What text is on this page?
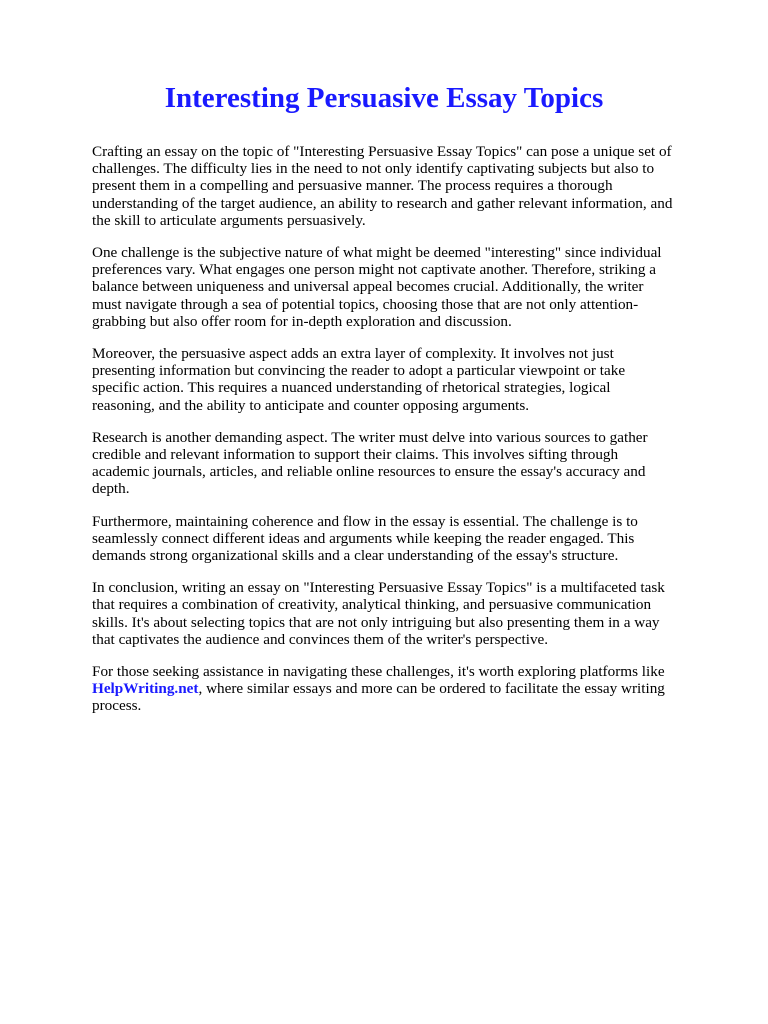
Interesting Persuasive Essay Topics

Crafting an essay on the topic of "Interesting Persuasive Essay Topics" can pose a unique set of challenges. The difficulty lies in the need to not only identify captivating subjects but also to present them in a compelling and persuasive manner. The process requires a thorough understanding of the target audience, an ability to research and gather relevant information, and the skill to articulate arguments persuasively.

One challenge is the subjective nature of what might be deemed "interesting" since individual preferences vary. What engages one person might not captivate another. Therefore, striking a balance between uniqueness and universal appeal becomes crucial. Additionally, the writer must navigate through a sea of potential topics, choosing those that are not only attention-grabbing but also offer room for in-depth exploration and discussion.

Moreover, the persuasive aspect adds an extra layer of complexity. It involves not just presenting information but convincing the reader to adopt a particular viewpoint or take specific action. This requires a nuanced understanding of rhetorical strategies, logical reasoning, and the ability to anticipate and counter opposing arguments.

Research is another demanding aspect. The writer must delve into various sources to gather credible and relevant information to support their claims. This involves sifting through academic journals, articles, and reliable online resources to ensure the essay's accuracy and depth.

Furthermore, maintaining coherence and flow in the essay is essential. The challenge is to seamlessly connect different ideas and arguments while keeping the reader engaged. This demands strong organizational skills and a clear understanding of the essay's structure.

In conclusion, writing an essay on "Interesting Persuasive Essay Topics" is a multifaceted task that requires a combination of creativity, analytical thinking, and persuasive communication skills. It's about selecting topics that are not only intriguing but also presenting them in a way that captivates the audience and convinces them of the writer's perspective.

For those seeking assistance in navigating these challenges, it's worth exploring platforms like HelpWriting.net, where similar essays and more can be ordered to facilitate the essay writing process.
